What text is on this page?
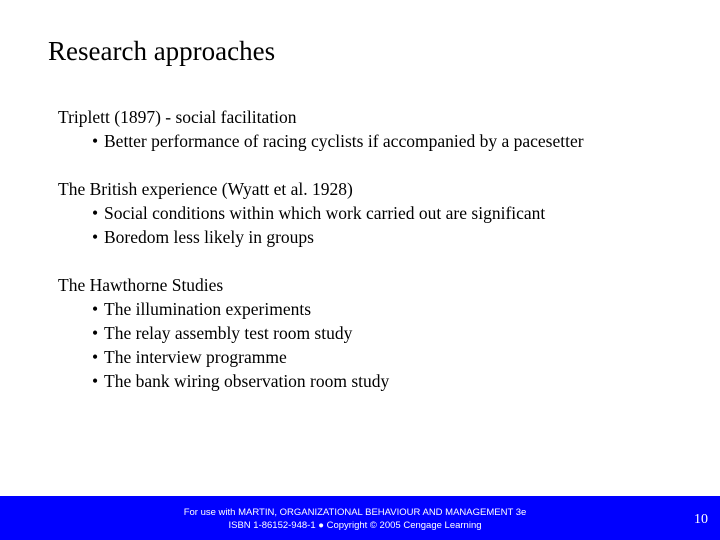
Research approaches
Triplett (1897) - social facilitation
• Better performance of racing cyclists if accompanied by a pacesetter
The British experience (Wyatt et al. 1928)
• Social conditions within which work carried out are significant
• Boredom less likely in groups
The Hawthorne Studies
• The illumination experiments
• The relay assembly test room study
• The interview programme
• The bank wiring observation room study
For use with MARTIN, ORGANIZATIONAL BEHAVIOUR AND MANAGEMENT 3e
ISBN 1-86152-948-1 ● Copyright © 2005 Cengage Learning	10
